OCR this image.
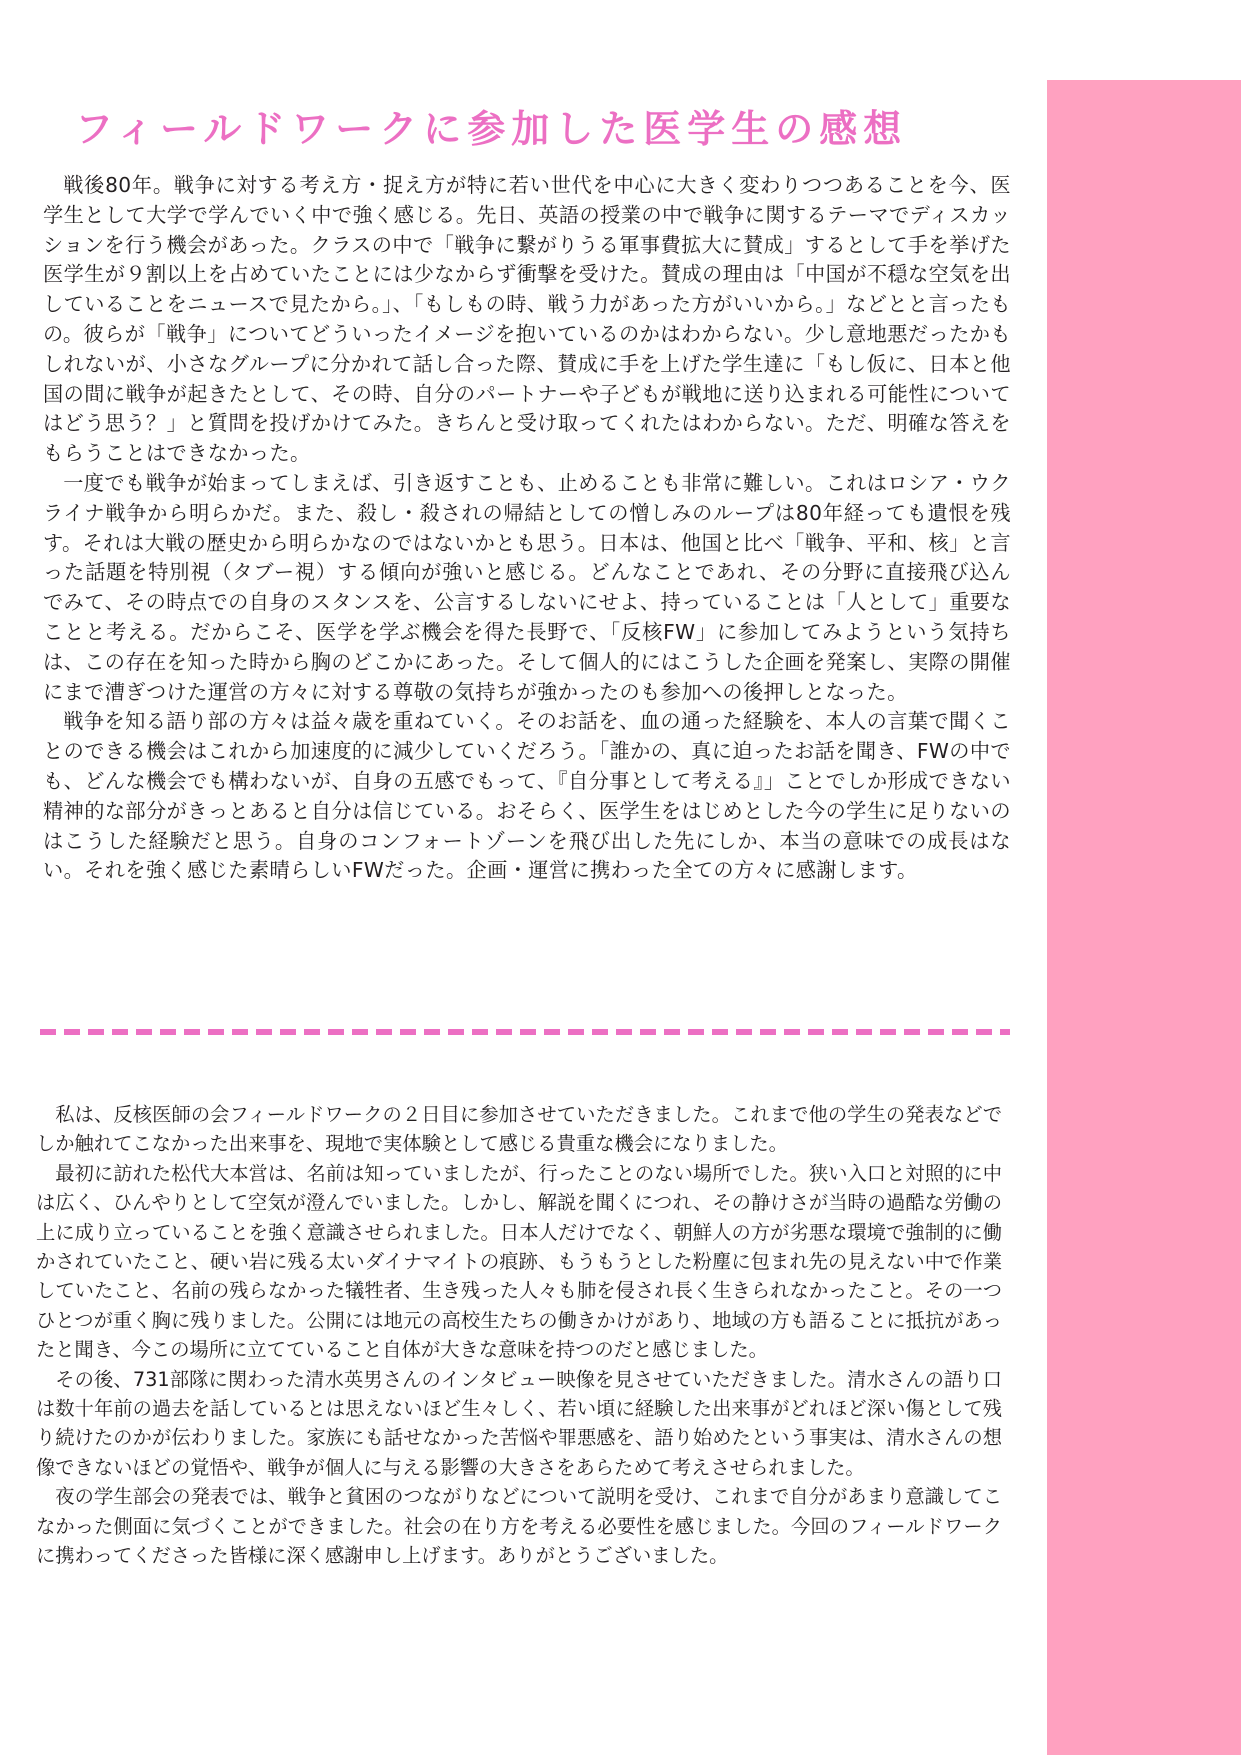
フィールドワークに参加した医学生の感想

戦後80年。戦争に対する考え方・捉え方が特に若い世代を中心に大きく変わりつつあることを今、医学生として大学で学んでいく中で強く感じる。先日、英語の授業の中で戦争に関するテーマでディスカッションを行う機会があった。クラスの中で「戦争に繋がりうる軍事費拡大に賛成」するとして手を挙げた医学生が９割以上を占めていたことには少なからず衝撃を受けた。賛成の理由は「中国が不穏な空気を出していることをニュースで見たから。」、「もしもの時、戦う力があった方がいいから。」などとと言ったもの。彼らが「戦争」についてどういったイメージを抱いているのかはわからない。少し意地悪だったかもしれないが、小さなグループに分かれて話し合った際、賛成に手を上げた学生達に「もし仮に、日本と他国の間に戦争が起きたとして、その時、自分のパートナーや子どもが戦地に送り込まれる可能性についてはどう思う？」と質問を投げかけてみた。きちんと受け取ってくれたはわからない。ただ、明確な答えをもらうことはできなかった。

一度でも戦争が始まってしまえば、引き返すことも、止めることも非常に難しい。これはロシア・ウクライナ戦争から明らかだ。また、殺し・殺されの帰結としての憎しみのループは80年経っても遺恨を残す。それは大戦の歴史から明らかなのではないかとも思う。日本は、他国と比べ「戦争、平和、核」と言った話題を特別視（タブー視）する傾向が強いと感じる。どんなことであれ、その分野に直接飛び込んでみて、その時点での自身のスタンスを、公言するしないにせよ、持っていることは「人として」重要なことと考える。だからこそ、医学を学ぶ機会を得た長野で、「反核FW」に参加してみようという気持ちは、この存在を知った時から胸のどこかにあった。そして個人的にはこうした企画を発案し、実際の開催にまで漕ぎつけた運営の方々に対する尊敬の気持ちが強かったのも参加への後押しとなった。

戦争を知る語り部の方々は益々歳を重ねていく。そのお話を、血の通った経験を、本人の言葉で聞くことのできる機会はこれから加速度的に減少していくだろう。「誰かの、真に迫ったお話を聞き、FWの中でも、どんな機会でも構わないが、自身の五感でもって、『自分事として考える』」ことでしか形成できない精神的な部分がきっとあると自分は信じている。おそらく、医学生をはじめとした今の学生に足りないのはこうした経験だと思う。自身のコンフォートゾーンを飛び出した先にしか、本当の意味での成長はない。それを強く感じた素晴らしいFWだった。企画・運営に携わった全ての方々に感謝します。

私は、反核医師の会フィールドワークの２日目に参加させていただきました。これまで他の学生の発表などでしか触れてこなかった出来事を、現地で実体験として感じる貴重な機会になりました。

最初に訪れた松代大本営は、名前は知っていましたが、行ったことのない場所でした。狭い入口と対照的に中は広く、ひんやりとして空気が澄んでいました。しかし、解説を聞くにつれ、その静けさが当時の過酷な労働の上に成り立っていることを強く意識させられました。日本人だけでなく、朝鮮人の方が劣悪な環境で強制的に働かされていたこと、硬い岩に残る太いダイナマイトの痕跡、もうもうとした粉塵に包まれ先の見えない中で作業していたこと、名前の残らなかった犠牲者、生き残った人々も肺を侵され長く生きられなかったこと。その一つひとつが重く胸に残りました。公開には地元の高校生たちの働きかけがあり、地域の方も語ることに抵抗があったと聞き、今この場所に立てていること自体が大きな意味を持つのだと感じました。

その後、731部隊に関わった清水英男さんのインタビュー映像を見させていただきました。清水さんの語り口は数十年前の過去を話しているとは思えないほど生々しく、若い頃に経験した出来事がどれほど深い傷として残り続けたのかが伝わりました。家族にも話せなかった苦悩や罪悪感を、語り始めたという事実は、清水さんの想像できないほどの覚悟や、戦争が個人に与える影響の大きさをあらためて考えさせられました。

夜の学生部会の発表では、戦争と貧困のつながりなどについて説明を受け、これまで自分があまり意識してこなかった側面に気づくことができました。社会の在り方を考える必要性を感じました。今回のフィールドワークに携わってくださった皆様に深く感謝申し上げます。ありがとうございました。
